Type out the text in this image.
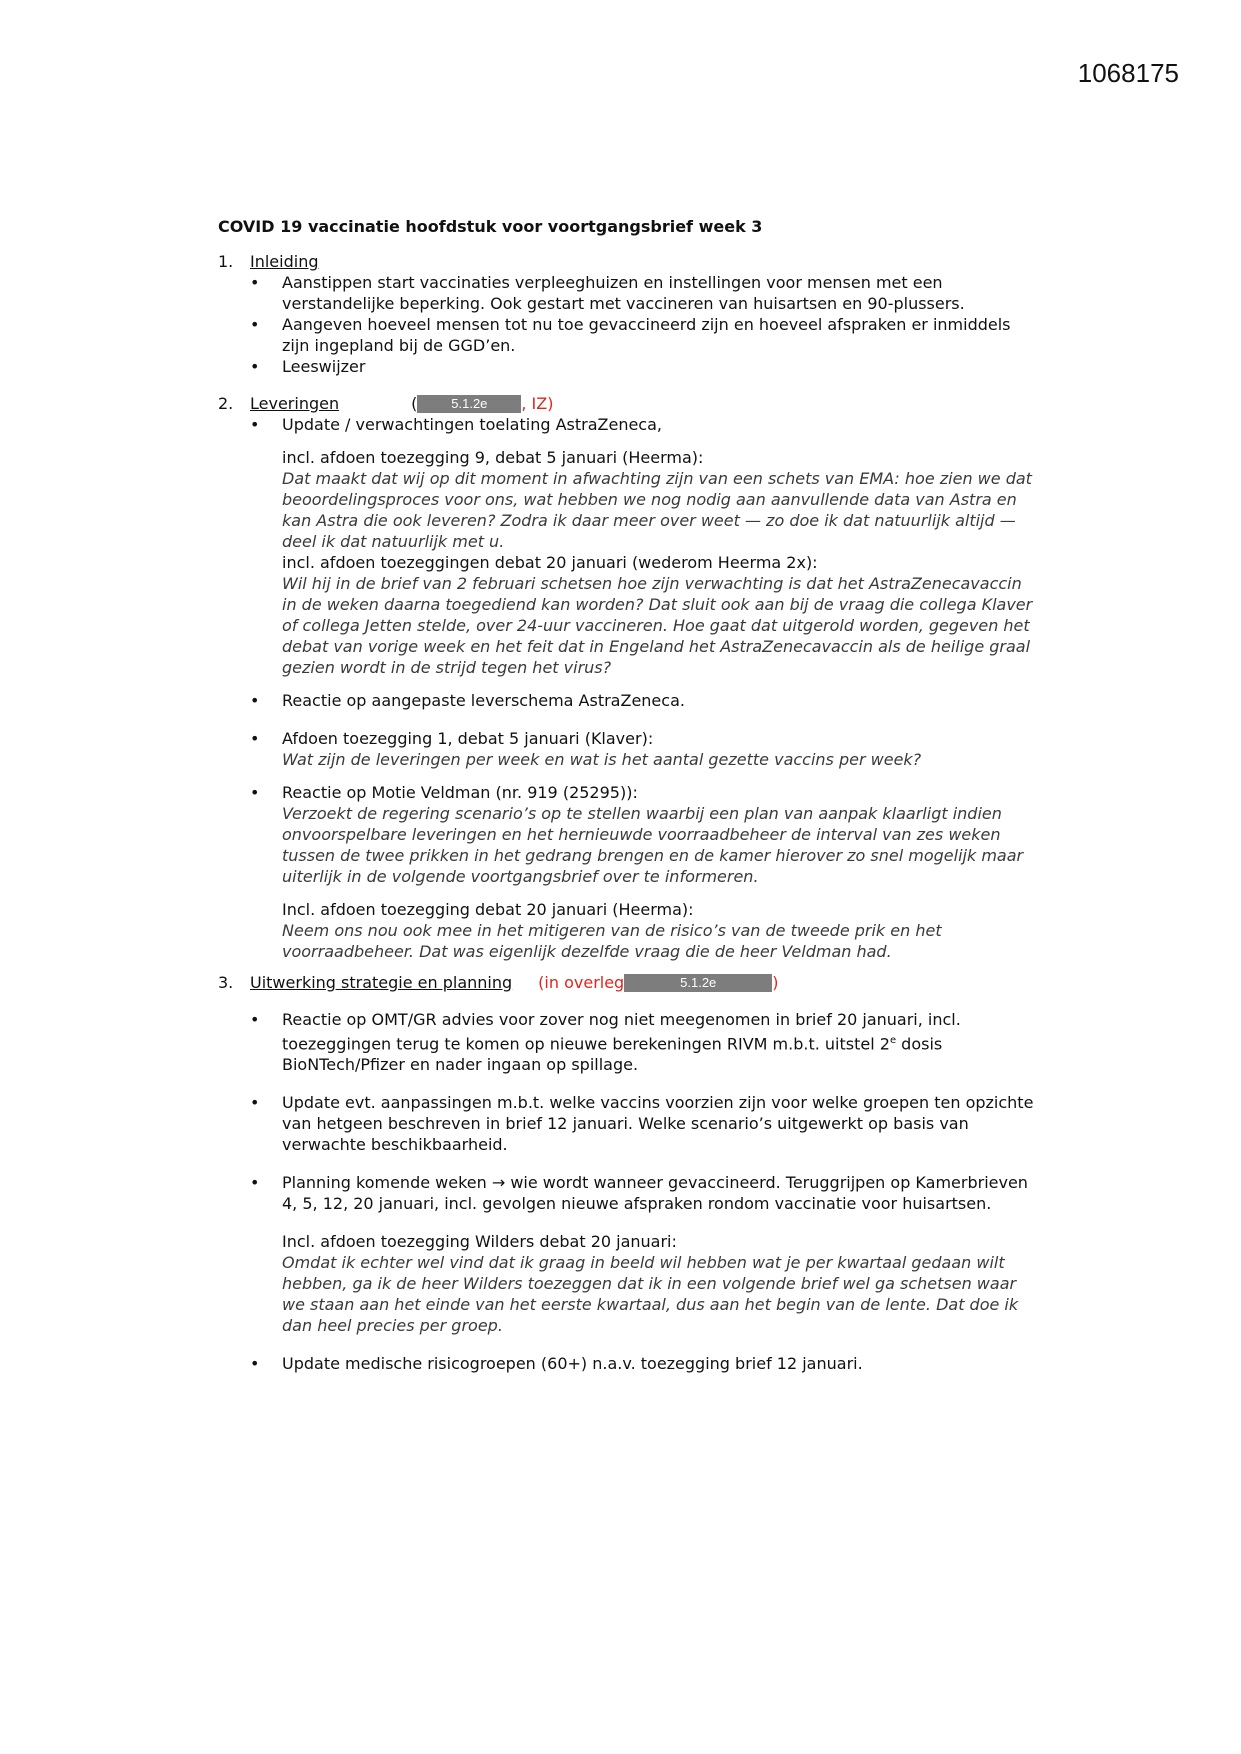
1068175
COVID 19 vaccinatie hoofdstuk voor voortgangsbrief week 3
1. Inleiding
• Aanstippen start vaccinaties verpleeghuizen en instellingen voor mensen met een verstandelijke beperking. Ook gestart met vaccineren van huisartsen en 90-plussers.
• Aangeven hoeveel mensen tot nu toe gevaccineerd zijn en hoeveel afspraken er inmiddels zijn ingepland bij de GGD’en.
• Leeswijzer
2. Leveringen	(	5.1.2e , IZ)
• Update / verwachtingen toelating AstraZeneca,
incl. afdoen toezegging 9, debat 5 januari (Heerma):
Dat maakt dat wij op dit moment in afwachting zijn van een schets van EMA: hoe zien we dat beoordelingsproces voor ons, wat hebben we nog nodig aan aanvullende data van Astra en kan Astra die ook leveren? Zodra ik daar meer over weet — zo doe ik dat natuurlijk altijd — deel ik dat natuurlijk met u.
incl. afdoen toezeggingen debat 20 januari (wederom Heerma 2x):
Wil hij in de brief van 2 februari schetsen hoe zijn verwachting is dat het AstraZenecavaccin in de weken daarna toegediend kan worden? Dat sluit ook aan bij de vraag die collega Klaver of collega Jetten stelde, over 24-uur vaccineren. Hoe gaat dat uitgerold worden, gegeven het debat van vorige week en het feit dat in Engeland het AstraZenecavaccin als de heilige graal gezien wordt in de strijd tegen het virus?
• Reactie op aangepaste leverschema AstraZeneca.
• Afdoen toezegging 1, debat 5 januari (Klaver):
Wat zijn de leveringen per week en wat is het aantal gezette vaccins per week?
• Reactie op Motie Veldman (nr. 919 (25295)):
Verzoekt de regering scenario’s op te stellen waarbij een plan van aanpak klaarligt indien onvoorspelbare leveringen en het hernieuwde voorraadbeheer de interval van zes weken tussen de twee prikken in het gedrang brengen en de kamer hierover zo snel mogelijk maar uiterlijk in de volgende voortgangsbrief over te informeren.
Incl. afdoen toezegging debat 20 januari (Heerma):
Neem ons nou ook mee in het mitigeren van de risico’s van de tweede prik en het voorraadbeheer. Dat was eigenlijk dezelfde vraag die de heer Veldman had.
3. Uitwerking strategie en planning (in overleg	5.1.2e	)
• Reactie op OMT/GR advies voor zover nog niet meegenomen in brief 20 januari, incl. toezeggingen terug te komen op nieuwe berekeningen RIVM m.b.t. uitstel 2e dosis BioNTech/Pfizer en nader ingaan op spillage.
• Update evt. aanpassingen m.b.t. welke vaccins voorzien zijn voor welke groepen ten opzichte van hetgeen beschreven in brief 12 januari. Welke scenario’s uitgewerkt op basis van verwachte beschikbaarheid.
• Planning komende weken → wie wordt wanneer gevaccineerd. Teruggrijpen op Kamerbrieven 4, 5, 12, 20 januari, incl. gevolgen nieuwe afspraken rondom vaccinatie voor huisartsen.
Incl. afdoen toezegging Wilders debat 20 januari:
Omdat ik echter wel vind dat ik graag in beeld wil hebben wat je per kwartaal gedaan wilt hebben, ga ik de heer Wilders toezeggen dat ik in een volgende brief wel ga schetsen waar we staan aan het einde van het eerste kwartaal, dus aan het begin van de lente. Dat doe ik dan heel precies per groep.
• Update medische risicogroepen (60+) n.a.v. toezegging brief 12 januari.
